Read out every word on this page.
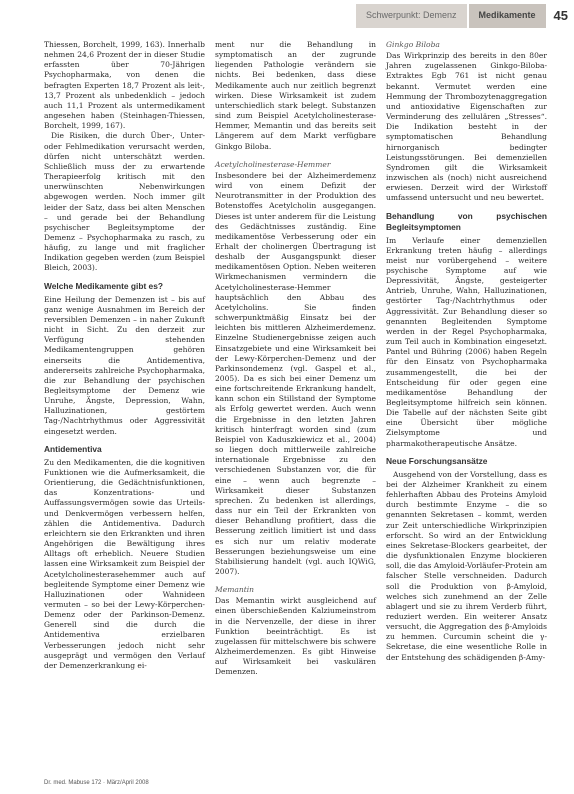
Schwerpunkt: Demenz	Medikamente	45

Thiessen, Borchelt, 1999, 163). Innerhalb nehmen 24,6 Prozent der in dieser Studie erfassten über 70-Jährigen Psychopharmaka, von denen die befragten Experten 18,7 Prozent als leit-, 13,7 Prozent als unbedenklich – jedoch auch 11,1 Prozent als untermedikament angesehen haben (Steinhagen-Thiessen, Borchelt, 1999, 167).

Die Risiken, die durch Über-, Unter- oder Fehlmedikation verursacht werden, dürfen nicht unterschätzt werden. Schließlich muss der zu erwartende Therapieerfolg kritisch mit den unerwünschten Nebenwirkungen abgewogen werden. Noch immer gilt leider der Satz, dass bei alten Menschen – und gerade bei der Behandlung psychischer Begleitsymptome der Demenz – Psychopharmaka zu rasch, zu häufig, zu lange und mit fraglicher Indikation gegeben werden (zum Beispiel Bleich, 2003).

Welche Medikamente gibt es?

Eine Heilung der Demenzen ist – bis auf ganz wenige Ausnahmen im Bereich der reversiblen Demenzen – in naher Zukunft nicht in Sicht. Zu den derzeit zur Verfügung stehenden Medikamentengruppen gehören einerseits die Antidementiva, andererseits zahlreiche Psychopharmaka, die zur Behandlung der psychischen Begleitsymptome der Demenz wie Unruhe, Ängste, Depression, Wahn, Halluzinationen, gestörtem Tag-/Nachtrhythmus oder Aggressivität eingesetzt werden.

Antidementiva

Zu den Medikamenten, die die kognitiven Funktionen wie die Aufmerksamkeit, die Orientierung, die Gedächtnisfunktionen, das Konzentrations- und Auffassungsvermögen sowie das Urteils- und Denkvermögen verbessern helfen, zählen die Antidementiva. Dadurch erleichtern sie den Erkrankten und ihren Angehörigen die Bewältigung ihres Alltags oft erheblich. Neuere Studien lassen eine Wirksamkeit zum Beispiel der Acetylcholinesterasehemmer auch auf begleitende Symptome einer Demenz wie Halluzinationen oder Wahnideen vermuten – so bei der Lewy-Körperchen-Demenz oder der Parkinson-Demenz. Generell sind die durch die Antidementiva erzielbaren Verbesserungen jedoch nicht sehr ausgeprägt und vermögen den Verlauf der Demenzerkrankung ei-

ment nur die Behandlung in symptomatisch an der zugrunde liegenden Pathologie verändern sie nichts. Bei bedenken, dass diese Medikamente auch nur zeitlich begrenzt wirken. Diese Wirksamkeit ist zudem unterschiedlich stark belegt. Substanzen sind zum Beispiel Acetylcholinesterase-Hemmer, Memantin und das bereits seit Längerem auf dem Markt verfügbare Ginkgo Biloba.

Acetylcholinesterase-Hemmer

Insbesondere bei der Alzheimerdemenz wird von einem Defizit der Neurotransmitter in der Produktion des Botenstoffes Acetylcholin ausgegangen. Dieses ist unter anderem für die Leistung des Gedächtnisses zuständig. Eine medikamentöse Verbesserung oder ein Erhalt der cholinergen Übertragung ist deshalb der Ausgangspunkt dieser medikamentösen Option. Neben weiteren Wirkmechanismen vermindern die Acetylcholinesterase-Hemmer hauptsächlich den Abbau des Acetylcholins. Sie finden schwerpunktmäßig Einsatz bei der leichten bis mittleren Alzheimerdemenz. Einzelne Studienergebnisse zeigen auch Einsatzgebiete und eine Wirksamkeit bei der Lewy-Körperchen-Demenz und der Parkinsondemenz (vgl. Gaspel et al., 2005). Da es sich bei einer Demenz um eine fortschreitende Erkrankung handelt, kann schon ein Stillstand der Symptome als Erfolg gewertet werden. Auch wenn die Ergebnisse in den letzten Jahren kritisch hinterfragt worden sind (zum Beispiel von Kaduszkiewicz et al., 2004) so liegen doch mittlerweile zahlreiche internationale Ergebnisse zu den verschiedenen Substanzen vor, die für eine – wenn auch begrenzte – Wirksamkeit dieser Substanzen sprechen. Zu bedenken ist allerdings, dass nur ein Teil der Erkrankten von dieser Behandlung profitiert, dass die Besserung zeitlich limitiert ist und dass es sich nur um relativ moderate Besserungen beziehungsweise um eine Stabilisierung handelt (vgl. auch IQWiG, 2007).

Memantin

Das Memantin wirkt ausgleichend auf einen überschießenden Kalziumeinstrom in die Nervenzelle, der diese in ihrer Funktion beeinträchtigt. Es ist zugelassen für mittelschwere bis schwere Alzheimerdemenzen. Es gibt Hinweise auf Wirksamkeit bei vaskulären Demenzen.

Ginkgo Biloba

Das Wirkprinzip des bereits in den 80er Jahren zugelassenen Ginkgo-Biloba-Extraktes Egb 761 ist nicht genau bekannt. Vermutet werden eine Hemmung der Thrombozytenaggregation und antioxidative Eigenschaften zur Verminderung des zellulären „Stresses“. Die Indikation besteht in der symptomatischen Behandlung hirnorganisch bedingter Leistungsstörungen. Bei demenziellen Syndromen gilt die Wirksamkeit inzwischen als (noch) nicht ausreichend erwiesen. Derzeit wird der Wirkstoff umfassend untersucht und neu bewertet.

Behandlung von psychischen Begleitsymptomen

Im Verlaufe einer demenziellen Erkrankung treten häufig – allerdings meist nur vorübergehend – weitere psychische Symptome auf wie Depressivität, Ängste, gesteigerter Antrieb, Unruhe, Wahn, Halluzinationen, gestörter Tag-/Nachtrhythmus oder Aggressivität. Zur Behandlung dieser so genannten Begleitenden Symptome werden in der Regel Psychopharmaka, zum Teil auch in Kombination eingesetzt. Pantel und Bühring (2006) haben Regeln für den Einsatz von Psychopharmaka zusammengestellt, die bei der Entscheidung für oder gegen eine medikamentöse Behandlung der Begleitsymptome hilfreich sein können. Die Tabelle auf der nächsten Seite gibt eine Übersicht über mögliche Zielsymptome und pharmakotherapeutische Ansätze.

Neue Forschungsansätze

Ausgehend von der Vorstellung, dass es bei der Alzheimer Krankheit zu einem fehlerhaften Abbau des Proteins Amyloid durch bestimmte Enzyme – die so genannten Sekretasen – kommt, werden zur Zeit unterschiedliche Wirkprinzipien erforscht. So wird an der Entwicklung eines Sekretase-Blockers gearbeitet, der die dysfunktionalen Enzyme blockieren soll, die das Amyloid-Vorläufer-Protein am falscher Stelle verschneiden. Dadurch soll die Produktion von β-Amyloid, welches sich zunehmend an der Zelle ablagert und sie zu ihrem Verderb führt, reduziert werden. Ein weiterer Ansatz versucht, die Aggregation des β-Amyloids zu hemmen. Curcumin scheint die γ-Sekretase, die eine wesentliche Rolle in der Entstehung des schädigenden β-Amy-

Dr. med. Mabuse 172 · März/April 2008
